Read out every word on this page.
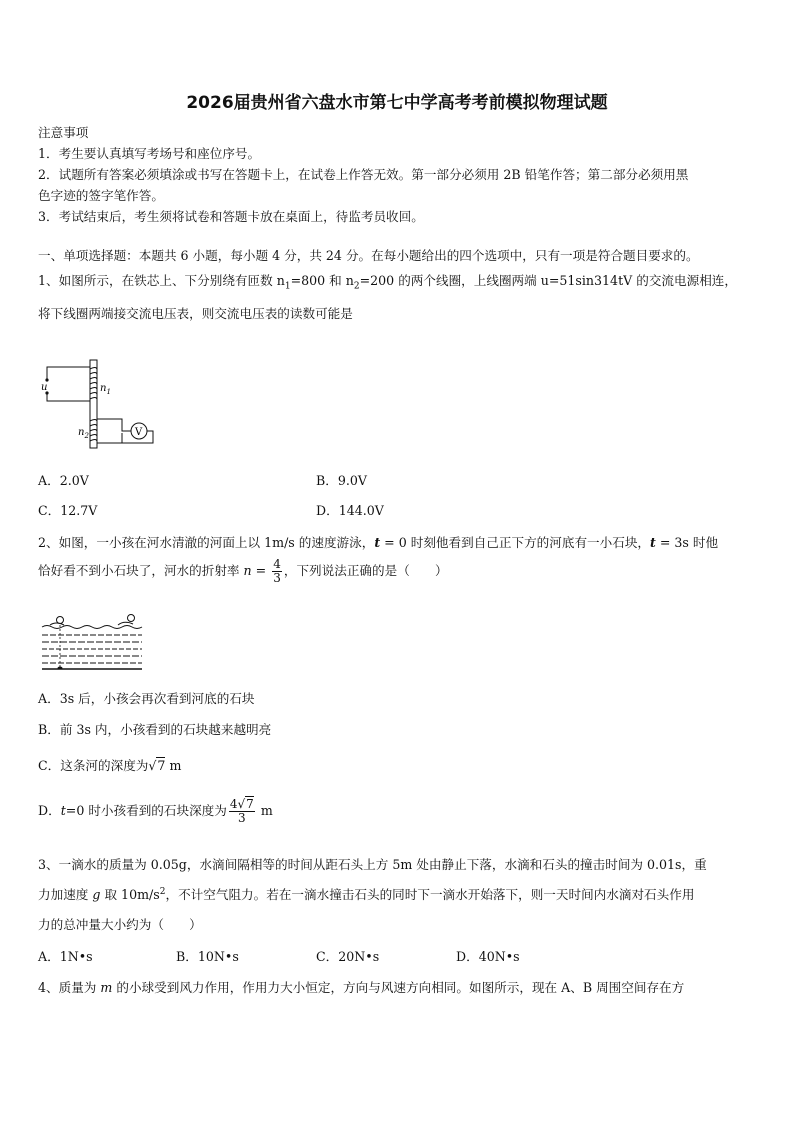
2026届贵州省六盘水市第七中学高考考前模拟物理试题
注意事项
1．考生要认真填写考场号和座位序号。
2．试题所有答案必须填涂或书写在答题卡上，在试卷上作答无效。第一部分必须用 2B 铅笔作答；第二部分必须用黑
色字迹的签字笔作答。
3．考试结束后，考生须将试卷和答题卡放在桌面上，待监考员收回。
一、单项选择题：本题共 6 小题，每小题 4 分，共 24 分。在每小题给出的四个选项中，只有一项是符合题目要求的。
1、如图所示，在铁芯上、下分别绕有匝数 $n_1=800$ 和 $n_2=200$ 的两个线圈，上线圈两端 u=51sin314tV 的交流电源相连，
将下线圈两端接交流电压表，则交流电压表的读数可能是
u	$n_1$
V
$n_2$
A．2.0V	B．9.0V
C．12.7V	D．144.0V
2、如图，一小孩在河水清澈的河面上以 1m/s 的速度游泳，t = 0 时刻他看到自己正下方的河底有一小石块，t = 3s 时他
恰好看不到小石块了，河水的折射率 $n = \frac{4}{3}$ ，下列说法正确的是（　　）
A．3s 后，小孩会再次看到河底的石块
B．前 3s 内，小孩看到的石块越来越明亮
C．这条河的深度为√7 m
D．t=0 时小孩看到的石块深度为 $\frac{4√7}{3}$ m
3、一滴水的质量为 0.05g，水滴间隔相等的时间从距石头上方 5m 处由静止下落，水滴和石头的撞击时间为 0.01s，重
力加速度 g 取 $10m/s^2$，不计空气阻力。若在一滴水撞击石头的同时下一滴水开始落下，则一天时间内水滴对石头作用
力的总冲量大小约为（　　）
A．1N•s	B．10N•s	C．20N•s	D．40N•s
4、质量为 m 的小球受到风力作用，作用力大小恒定，方向与风速方向相同。如图所示，现在 A、B 周围空间存在方
